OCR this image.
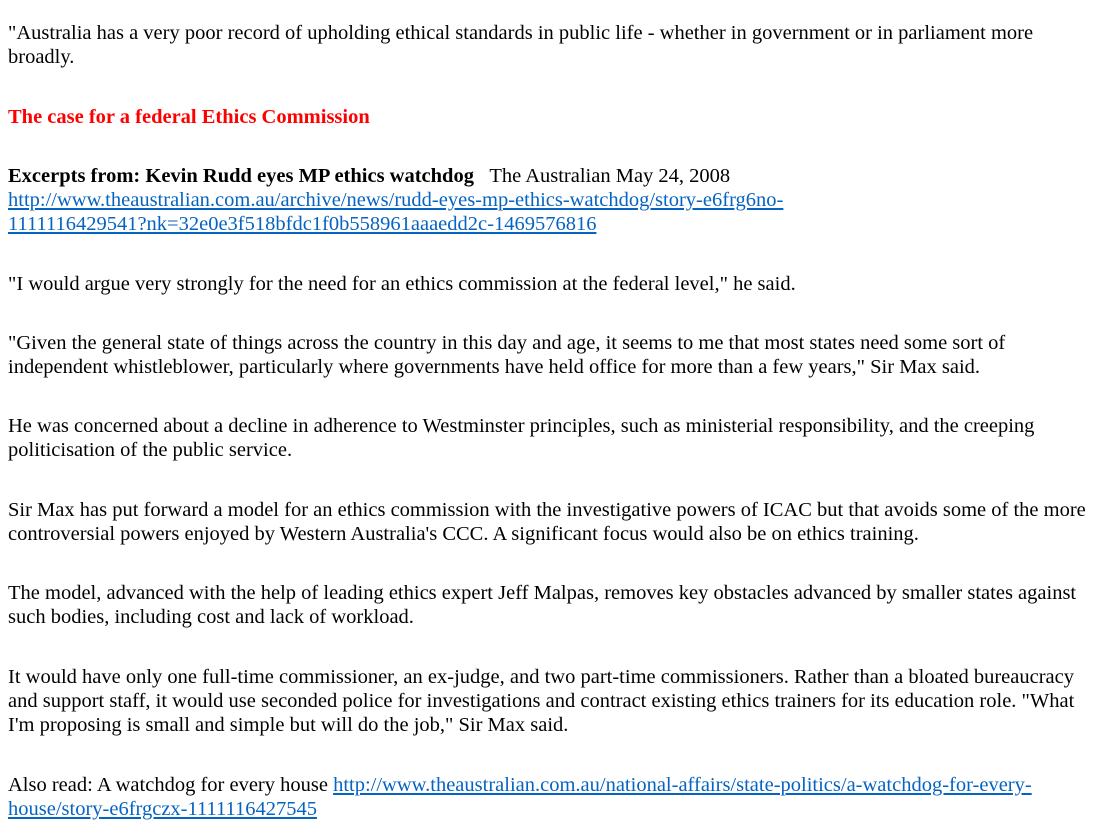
"Australia has a very poor record of upholding ethical standards in public life - whether in government or in parliament more broadly.

The case for a federal Ethics Commission

Excerpts from: Kevin Rudd eyes MP ethics watchdog The Australian May 24, 2008
http://www.theaustralian.com.au/archive/news/rudd-eyes-mp-ethics-watchdog/story-e6frg6no-
1111116429541?nk=32e0e3f518bfdc1f0b558961aaaedd2c-1469576816

"I would argue very strongly for the need for an ethics commission at the federal level," he said.

"Given the general state of things across the country in this day and age, it seems to me that most states need some sort of independent whistleblower, particularly where governments have held office for more than a few years," Sir Max said.

He was concerned about a decline in adherence to Westminster principles, such as ministerial responsibility, and the creeping politicisation of the public service.

Sir Max has put forward a model for an ethics commission with the investigative powers of ICAC but that avoids some of the more controversial powers enjoyed by Western Australia's CCC. A significant focus would also be on ethics training.

The model, advanced with the help of leading ethics expert Jeff Malpas, removes key obstacles advanced by smaller states against such bodies, including cost and lack of workload.

It would have only one full-time commissioner, an ex-judge, and two part-time commissioners. Rather than a bloated bureaucracy and support staff, it would use seconded police for investigations and contract existing ethics trainers for its education role. "What I'm proposing is small and simple but will do the job," Sir Max said.

Also read: A watchdog for every house http://www.theaustralian.com.au/national-affairs/state-politics/a-watchdog-for-every-
house/story-e6frgczx-1111116427545
